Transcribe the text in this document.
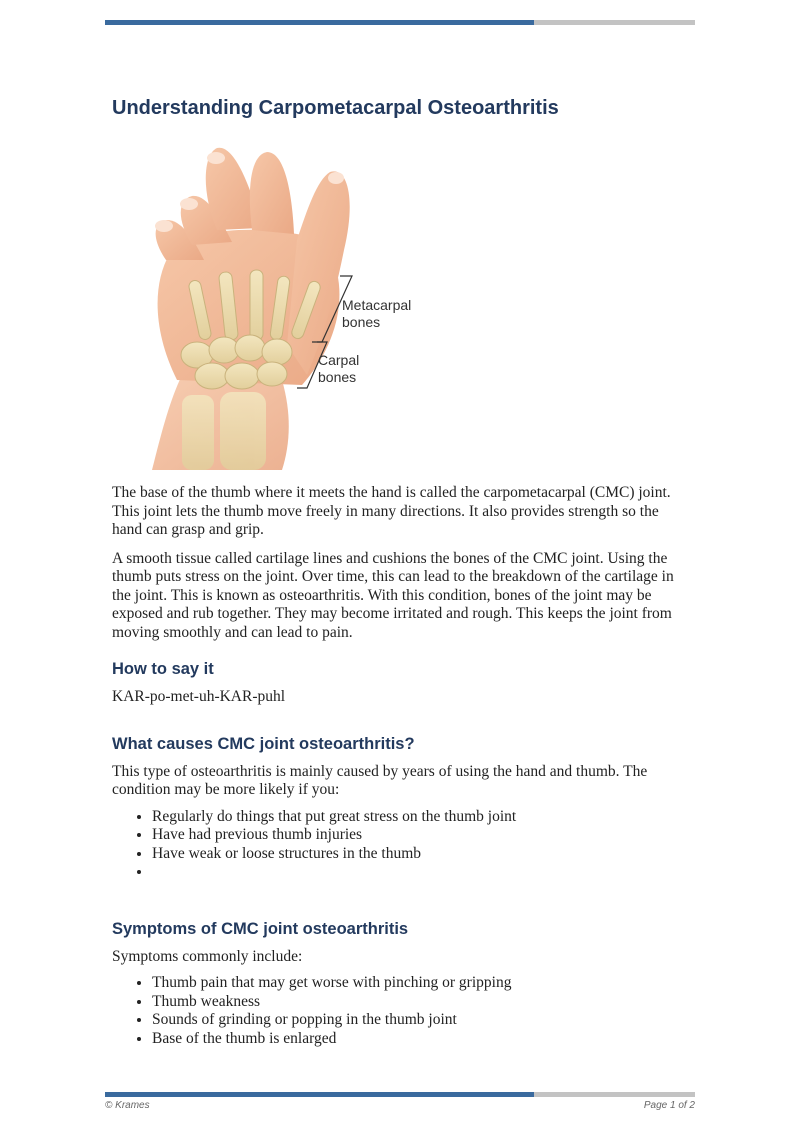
Understanding Carpometacarpal Osteoarthritis
Metacarpal
bones
Carpal
bones

The base of the thumb where it meets the hand is called the carpometacarpal (CMC) joint. This joint lets the thumb move freely in many directions. It also provides strength so the hand can grasp and grip.

A smooth tissue called cartilage lines and cushions the bones of the CMC joint. Using the thumb puts stress on the joint. Over time, this can lead to the breakdown of the cartilage in the joint. This is known as osteoarthritis. With this condition, bones of the joint may be exposed and rub together. They may become irritated and rough. This keeps the joint from moving smoothly and can lead to pain.

How to say it

KAR-po-met-uh-KAR-puhl

What causes CMC joint osteoarthritis?

This type of osteoarthritis is mainly caused by years of using the hand and thumb. The condition may be more likely if you:

• Regularly do things that put great stress on the thumb joint
• Have had previous thumb injuries
• Have weak or loose structures in the thumb
•
Symptoms of CMC joint osteoarthritis

Symptoms commonly include:

• Thumb pain that may get worse with pinching or gripping
• Thumb weakness
• Sounds of grinding or popping in the thumb joint
• Base of the thumb is enlarged
© Krames	Page 1 of 2
